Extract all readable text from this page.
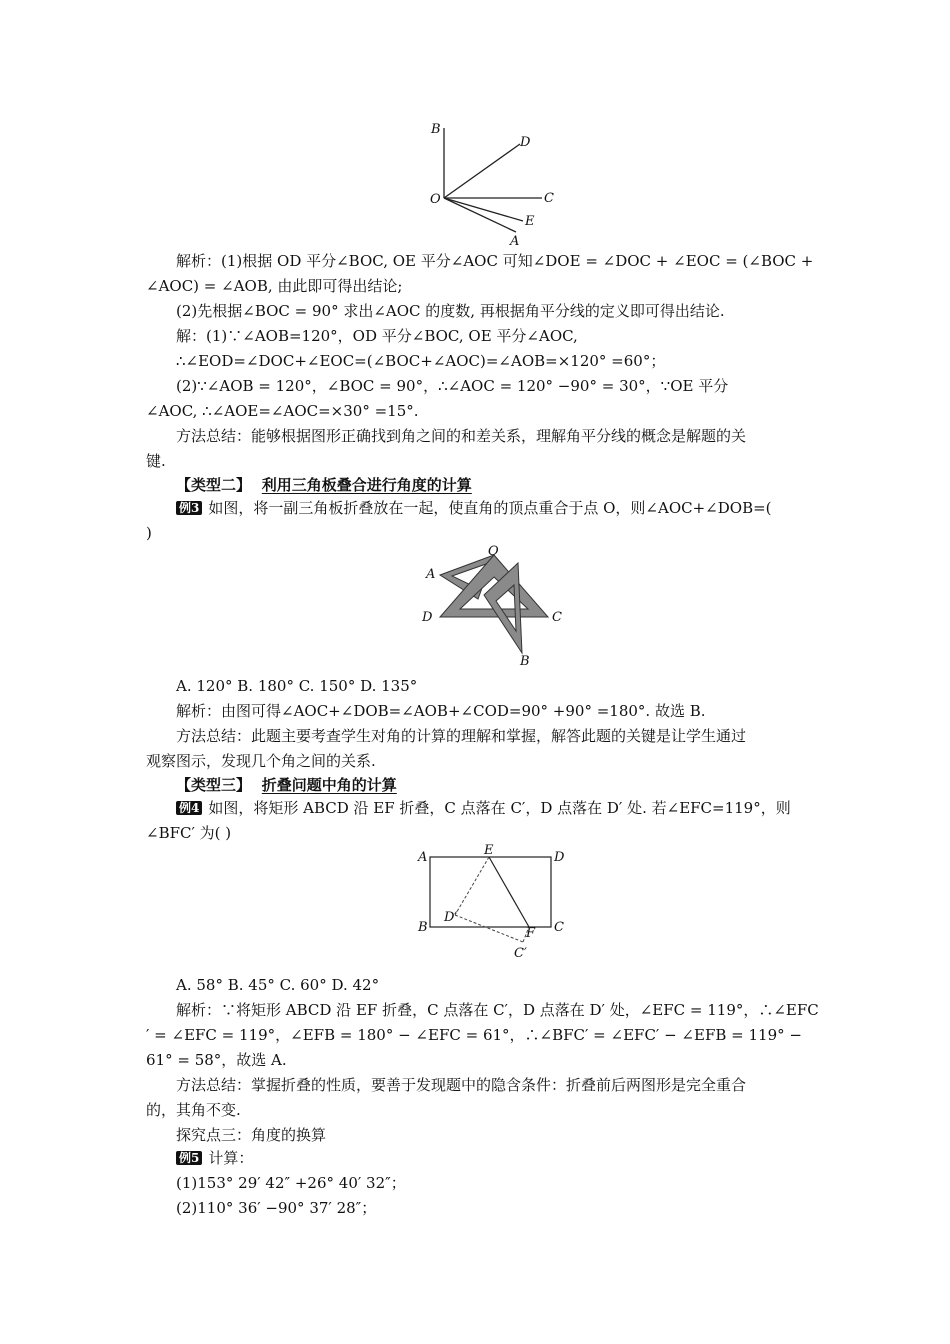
B
D
O	C
E
A
解析：(1)根据 OD 平分∠BOC, OE 平分∠AOC 可知∠DOE = ∠DOC + ∠EOC = (∠BOC +
∠AOC) = ∠AOB, 由此即可得出结论;
(2)先根据∠BOC = 90° 求出∠AOC 的度数, 再根据角平分线的定义即可得出结论.
解：(1)∵∠AOB=120°，OD 平分∠BOC, OE 平分∠AOC,
∴∠EOD=∠DOC+∠EOC=(∠BOC+∠AOC)=∠AOB=×120° =60°；
(2)∵∠AOB = 120°，∠BOC = 90°，∴∠AOC = 120° −90° = 30°，∵OE 平分
∠AOC, ∴∠AOE=∠AOC=×30° =15°.
方法总结：能够根据图形正确找到角之间的和差关系，理解角平分线的概念是解题的关
键.
【类型二】 利用三角板叠合进行角度的计算
例3 如图，将一副三角板折叠放在一起，使直角的顶点重合于点 O，则∠AOC+∠DOB=(
)
O
A
D	C
B
A. 120° B. 180° C. 150° D. 135°
解析：由图可得∠AOC+∠DOB=∠AOB+∠COD=90° +90° =180°. 故选 B.
方法总结：此题主要考查学生对角的计算的理解和掌握，解答此题的关键是让学生通过
观察图示，发现几个角之间的关系.
【类型三】 折叠问题中角的计算
例4 如图，将矩形 ABCD 沿 EF 折叠，C 点落在 C′，D 点落在 D′ 处. 若∠EFC=119°，则
∠BFC′ 为( )
A	E	D
D′
B	F C
C′
A. 58° B. 45° C. 60° D. 42°
解析：∵将矩形 ABCD 沿 EF 折叠，C 点落在 C′，D 点落在 D′ 处，∠EFC = 119°，∴∠EFC
′ = ∠EFC = 119°，∠EFB = 180° − ∠EFC = 61°，∴∠BFC′ = ∠EFC′ − ∠EFB = 119° −
61° = 58°，故选 A.
方法总结：掌握折叠的性质，要善于发现题中的隐含条件：折叠前后两图形是完全重合
的，其角不变.
探究点三：角度的换算
例5 计算：
(1)153° 29′ 42″ +26° 40′ 32″；
(2)110° 36′ −90° 37′ 28″；
